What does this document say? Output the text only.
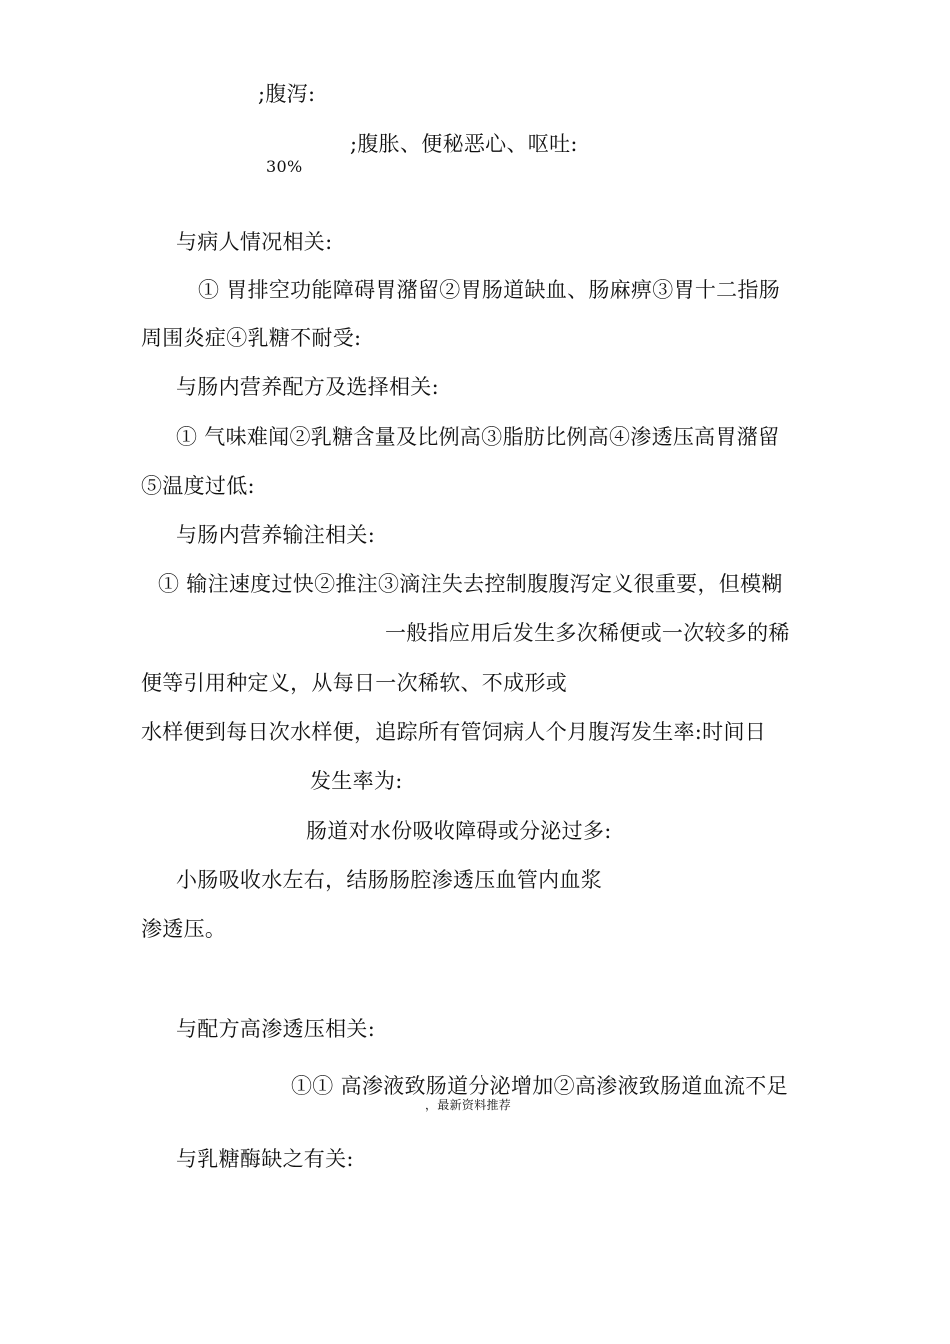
;腹泻:
;腹胀、便秘恶心、呕吐:
30%
与病人情况相关:
① 胃排空功能障碍胃潴留②胃肠道缺血、肠麻痹③胃十二指肠
周围炎症④乳糖不耐受:
与肠内营养配方及选择相关:
① 气味难闻②乳糖含量及比例高③脂肪比例高④渗透压高胃潴留
⑤温度过低:
与肠内营养输注相关:
① 输注速度过快②推注③滴注失去控制腹腹泻定义很重要，但模糊
一般指应用后发生多次稀便或一次较多的稀
便等引用种定义，从每日一次稀软、不成形或
水样便到每日次水样便，追踪所有管饲病人个月腹泻发生率:时间日
发生率为:
肠道对水份吸收障碍或分泌过多:
小肠吸收水左右，结肠肠腔渗透压血管内血浆
渗透压。
与配方高渗透压相关:
①① 高渗液致肠道分泌增加②高渗液致肠道血流不足
，最新资料推荐
与乳糖酶缺之有关:
